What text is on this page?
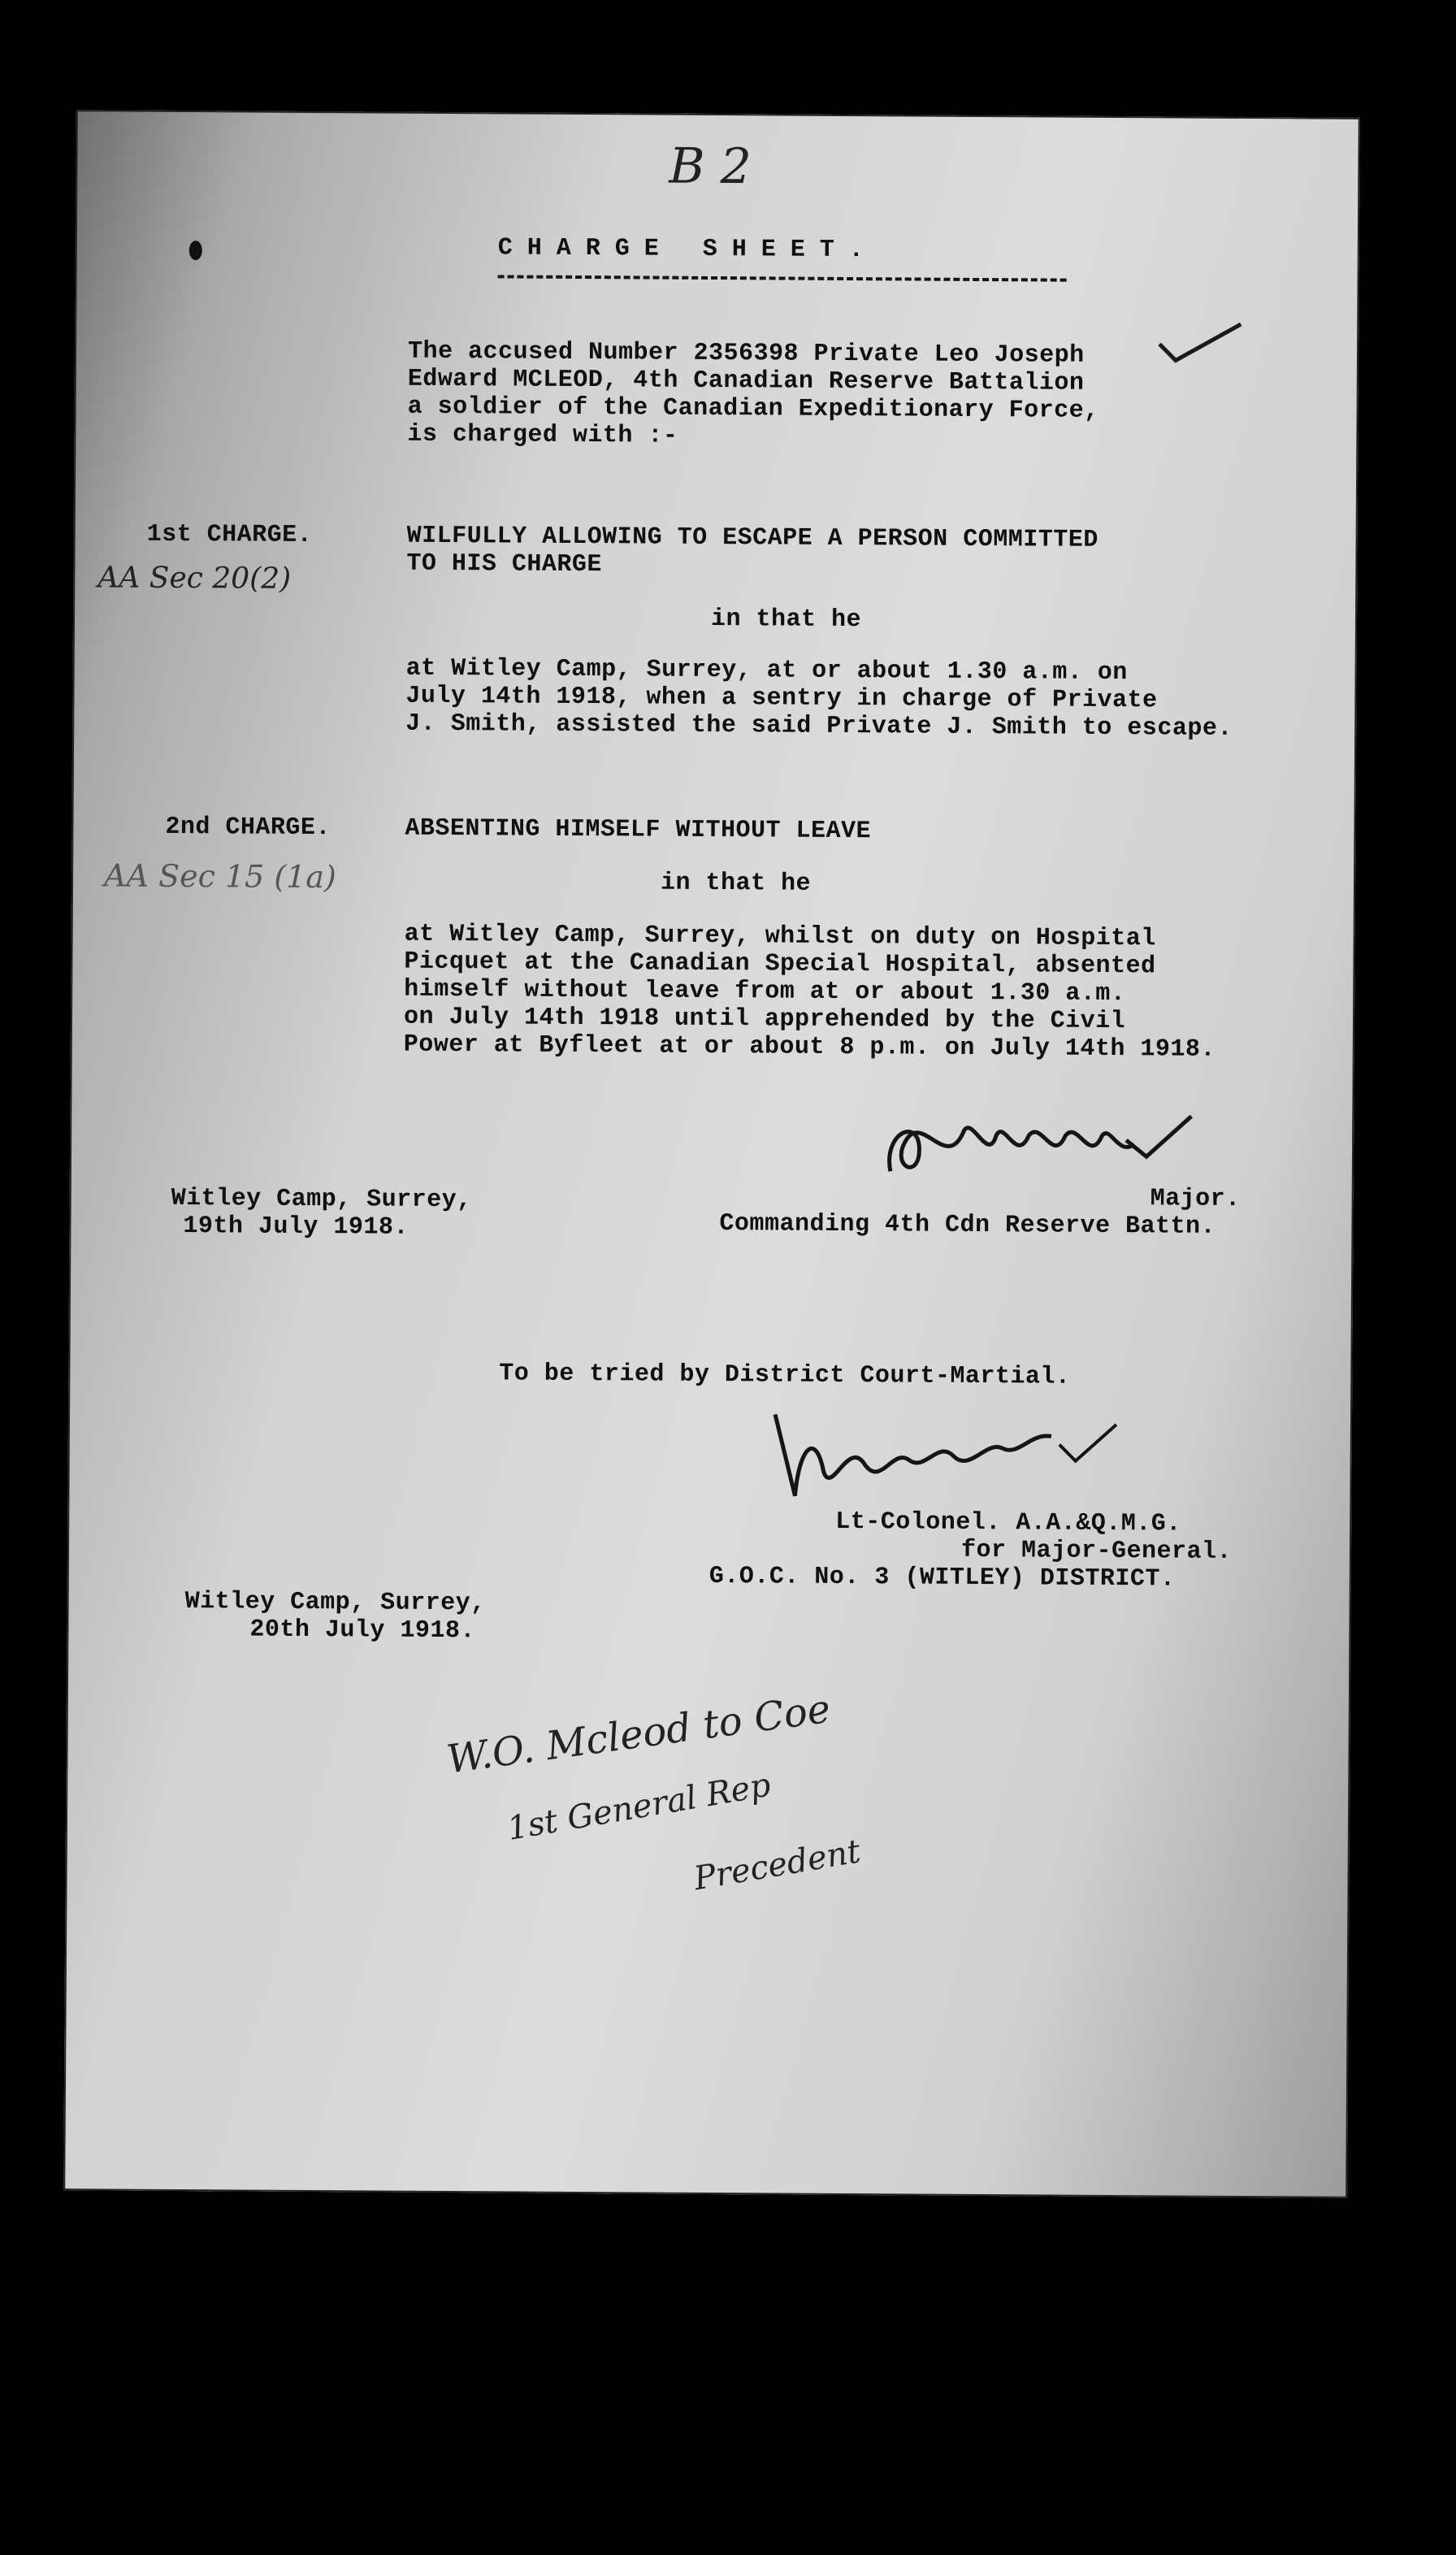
B 2
CHARGE SHEET.
The accused Number 2356398 Private Leo Joseph
Edward MCLEOD, 4th Canadian Reserve Battalion
a soldier of the Canadian Expeditionary Force,
is charged with :-
1st CHARGE.
AA Sec 20(2)
WILFULLY ALLOWING TO ESCAPE A PERSON COMMITTED
TO HIS CHARGE
in that he
at Witley Camp, Surrey, at or about 1.30 a.m. on
July 14th 1918, when a sentry in charge of Private
J. Smith, assisted the said Private J. Smith to escape.
2nd CHARGE.
AA Sec 15 (1a)
ABSENTING HIMSELF WITHOUT LEAVE
in that he
at Witley Camp, Surrey, whilst on duty on Hospital
Picquet at the Canadian Special Hospital, absented
himself without leave from at or about 1.30 a.m.
on July 14th 1918 until apprehended by the Civil
Power at Byfleet at or about 8 p.m. on July 14th 1918.
Witley Camp, Surrey,
19th July 1918.
Major.
Commanding 4th Cdn Reserve Battn.
To be tried by District Court-Martial.
Lt-Colonel. A.A.&Q.M.G.
for Major-General.
G.O.C. No. 3 (WITLEY) DISTRICT.
Witley Camp, Surrey,
20th July 1918.
W.O. Mcleod to Coe
1st General Rep
Precedent
